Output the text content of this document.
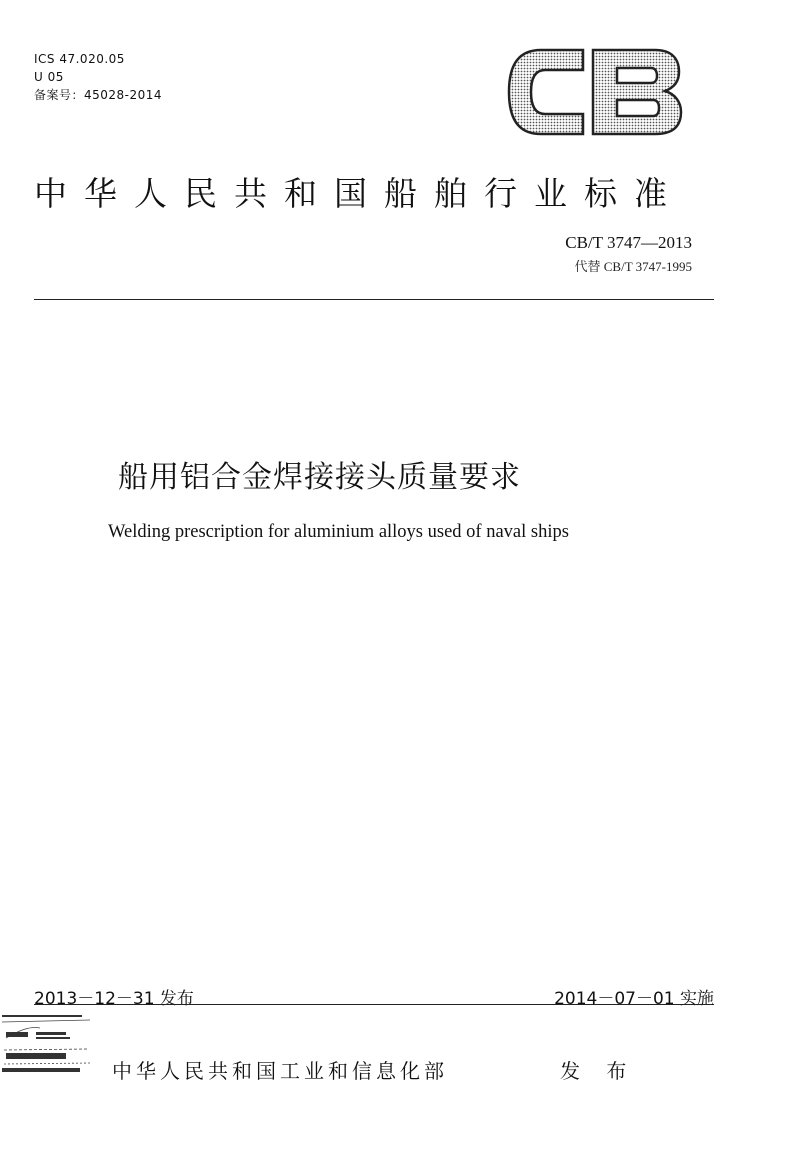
ICS 47.020.05
U 05
备案号：45028-2014
中华人民共和国船舶行业标准
CB/T 3747—2013
代替 CB/T 3747-1995
船用铝合金焊接接头质量要求
Welding prescription for aluminium alloys used of naval ships
2013－12－31 发布	2014－07－01 实施
中华人民共和国工业和信息化部	发 布
